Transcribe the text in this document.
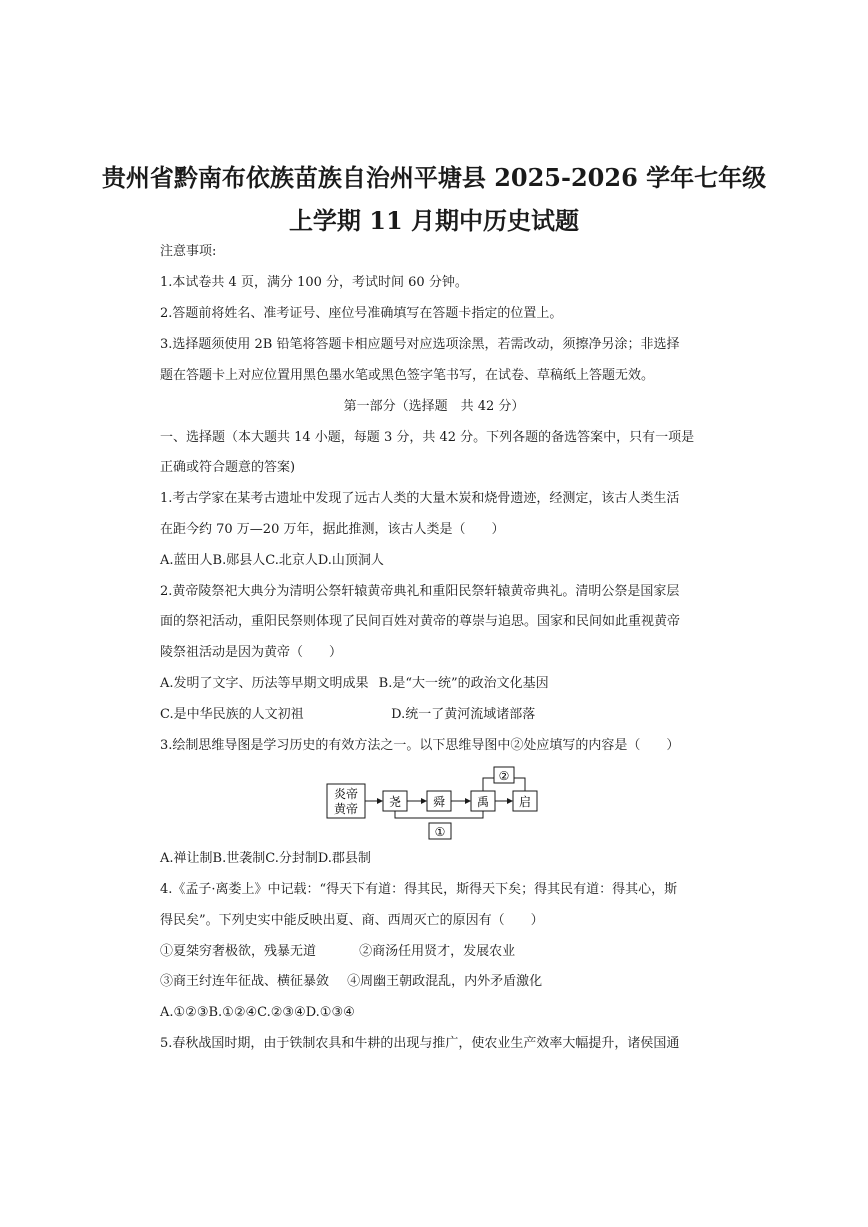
贵州省黔南布依族苗族自治州平塘县 2025-2026 学年七年级
上学期 11 月期中历史试题
注意事项:
1.本试卷共 4 页，满分 100 分，考试时间 60 分钟。
2.答题前将姓名、准考证号、座位号准确填写在答题卡指定的位置上。
3.选择题须使用 2B 铅笔将答题卡相应题号对应选项涂黑，若需改动，须擦净另涂；非选择
题在答题卡上对应位置用黑色墨水笔或黑色签字笔书写，在试卷、草稿纸上答题无效。
第一部分（选择题　共 42 分）
一、选择题（本大题共 14 小题，每题 3 分，共 42 分。下列各题的备选答案中，只有一项是
正确或符合题意的答案)
1.考古学家在某考古遗址中发现了远古人类的大量木炭和烧骨遗迹，经测定，该古人类生活
在距今约 70 万—20 万年，据此推测，该古人类是（　　）
A.蓝田人B.郧县人C.北京人D.山顶洞人
2.黄帝陵祭祀大典分为清明公祭轩辕黄帝典礼和重阳民祭轩辕黄帝典礼。清明公祭是国家层
面的祭祀活动，重阳民祭则体现了民间百姓对黄帝的尊崇与追思。国家和民间如此重视黄帝
陵祭祖活动是因为黄帝（　　）
A.发明了文字、历法等早期文明成果 B.是“大一统”的政治文化基因
C.是中华民族的人文初祖	D.统一了黄河流域诸部落
3.绘制思维导图是学习历史的有效方法之一。以下思维导图中②处应填写的内容是（　　）
炎帝
黄帝	尧	舜	禹 启
②
①
A.禅让制B.世袭制C.分封制D.郡县制
4.《孟子·离娄上》中记载：“得天下有道：得其民，斯得天下矣；得其民有道：得其心，斯
得民矣”。下列史实中能反映出夏、商、西周灭亡的原因有（　　）
①夏桀穷奢极欲，残暴无道	②商汤任用贤才，发展农业
③商王纣连年征战、横征暴敛 ④周幽王朝政混乱，内外矛盾激化
A.①②③B.①②④C.②③④D.①③④
5.春秋战国时期，由于铁制农具和牛耕的出现与推广，使农业生产效率大幅提升，诸侯国通
